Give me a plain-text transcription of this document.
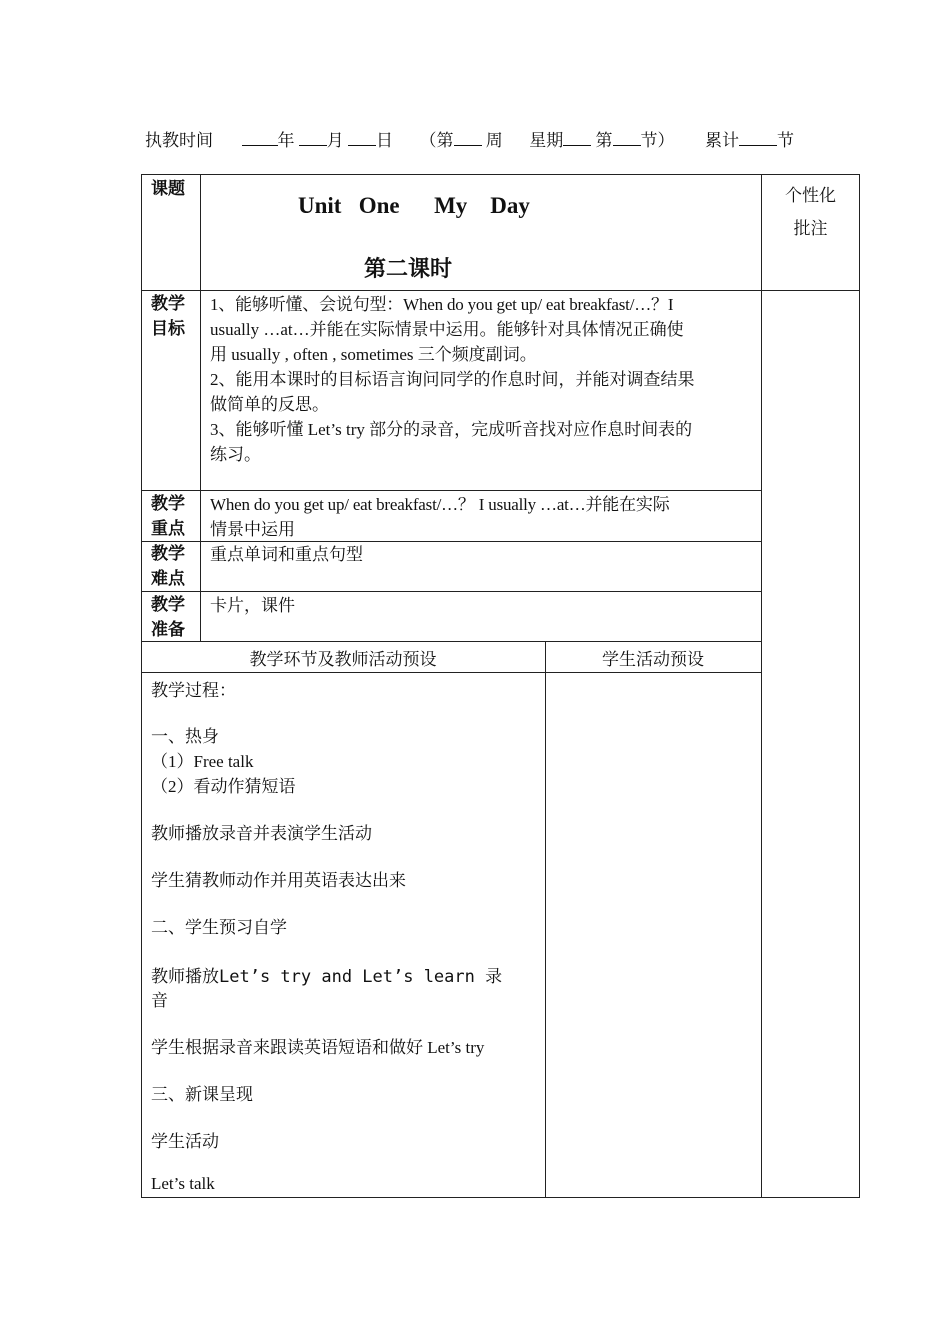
执教时间	年 月 日 （第 周 星期 第 节） 累计 节
课题
Unit   One      My    Day
第二课时
个性化
批注
教学
目标
1、能够听懂、会说句型：When do you get up/ eat breakfast/…？I
usually …at…并能在实际情景中运用。能够针对具体情况正确使
用 usually , often , sometimes 三个频度副词。
2、能用本课时的目标语言询问同学的作息时间，并能对调查结果
做简单的反思。
3、能够听懂 Let’s try 部分的录音，完成听音找对应作息时间表的
练习。
教学
重点
When do you get up/ eat breakfast/…？ I usually …at…并能在实际
情景中运用
教学
难点
重点单词和重点句型
教学
准备
卡片，课件
教学环节及教师活动预设	学生活动预设
教学过程：
一、热身
（1）Free talk
（2）看动作猜短语
教师播放录音并表演学生活动
学生猜教师动作并用英语表达出来
二、学生预习自学
教师播放Let’s try and Let’s learn 录
音
学生根据录音来跟读英语短语和做好 Let’s try
三、新课呈现
学生活动
Let’s talk
